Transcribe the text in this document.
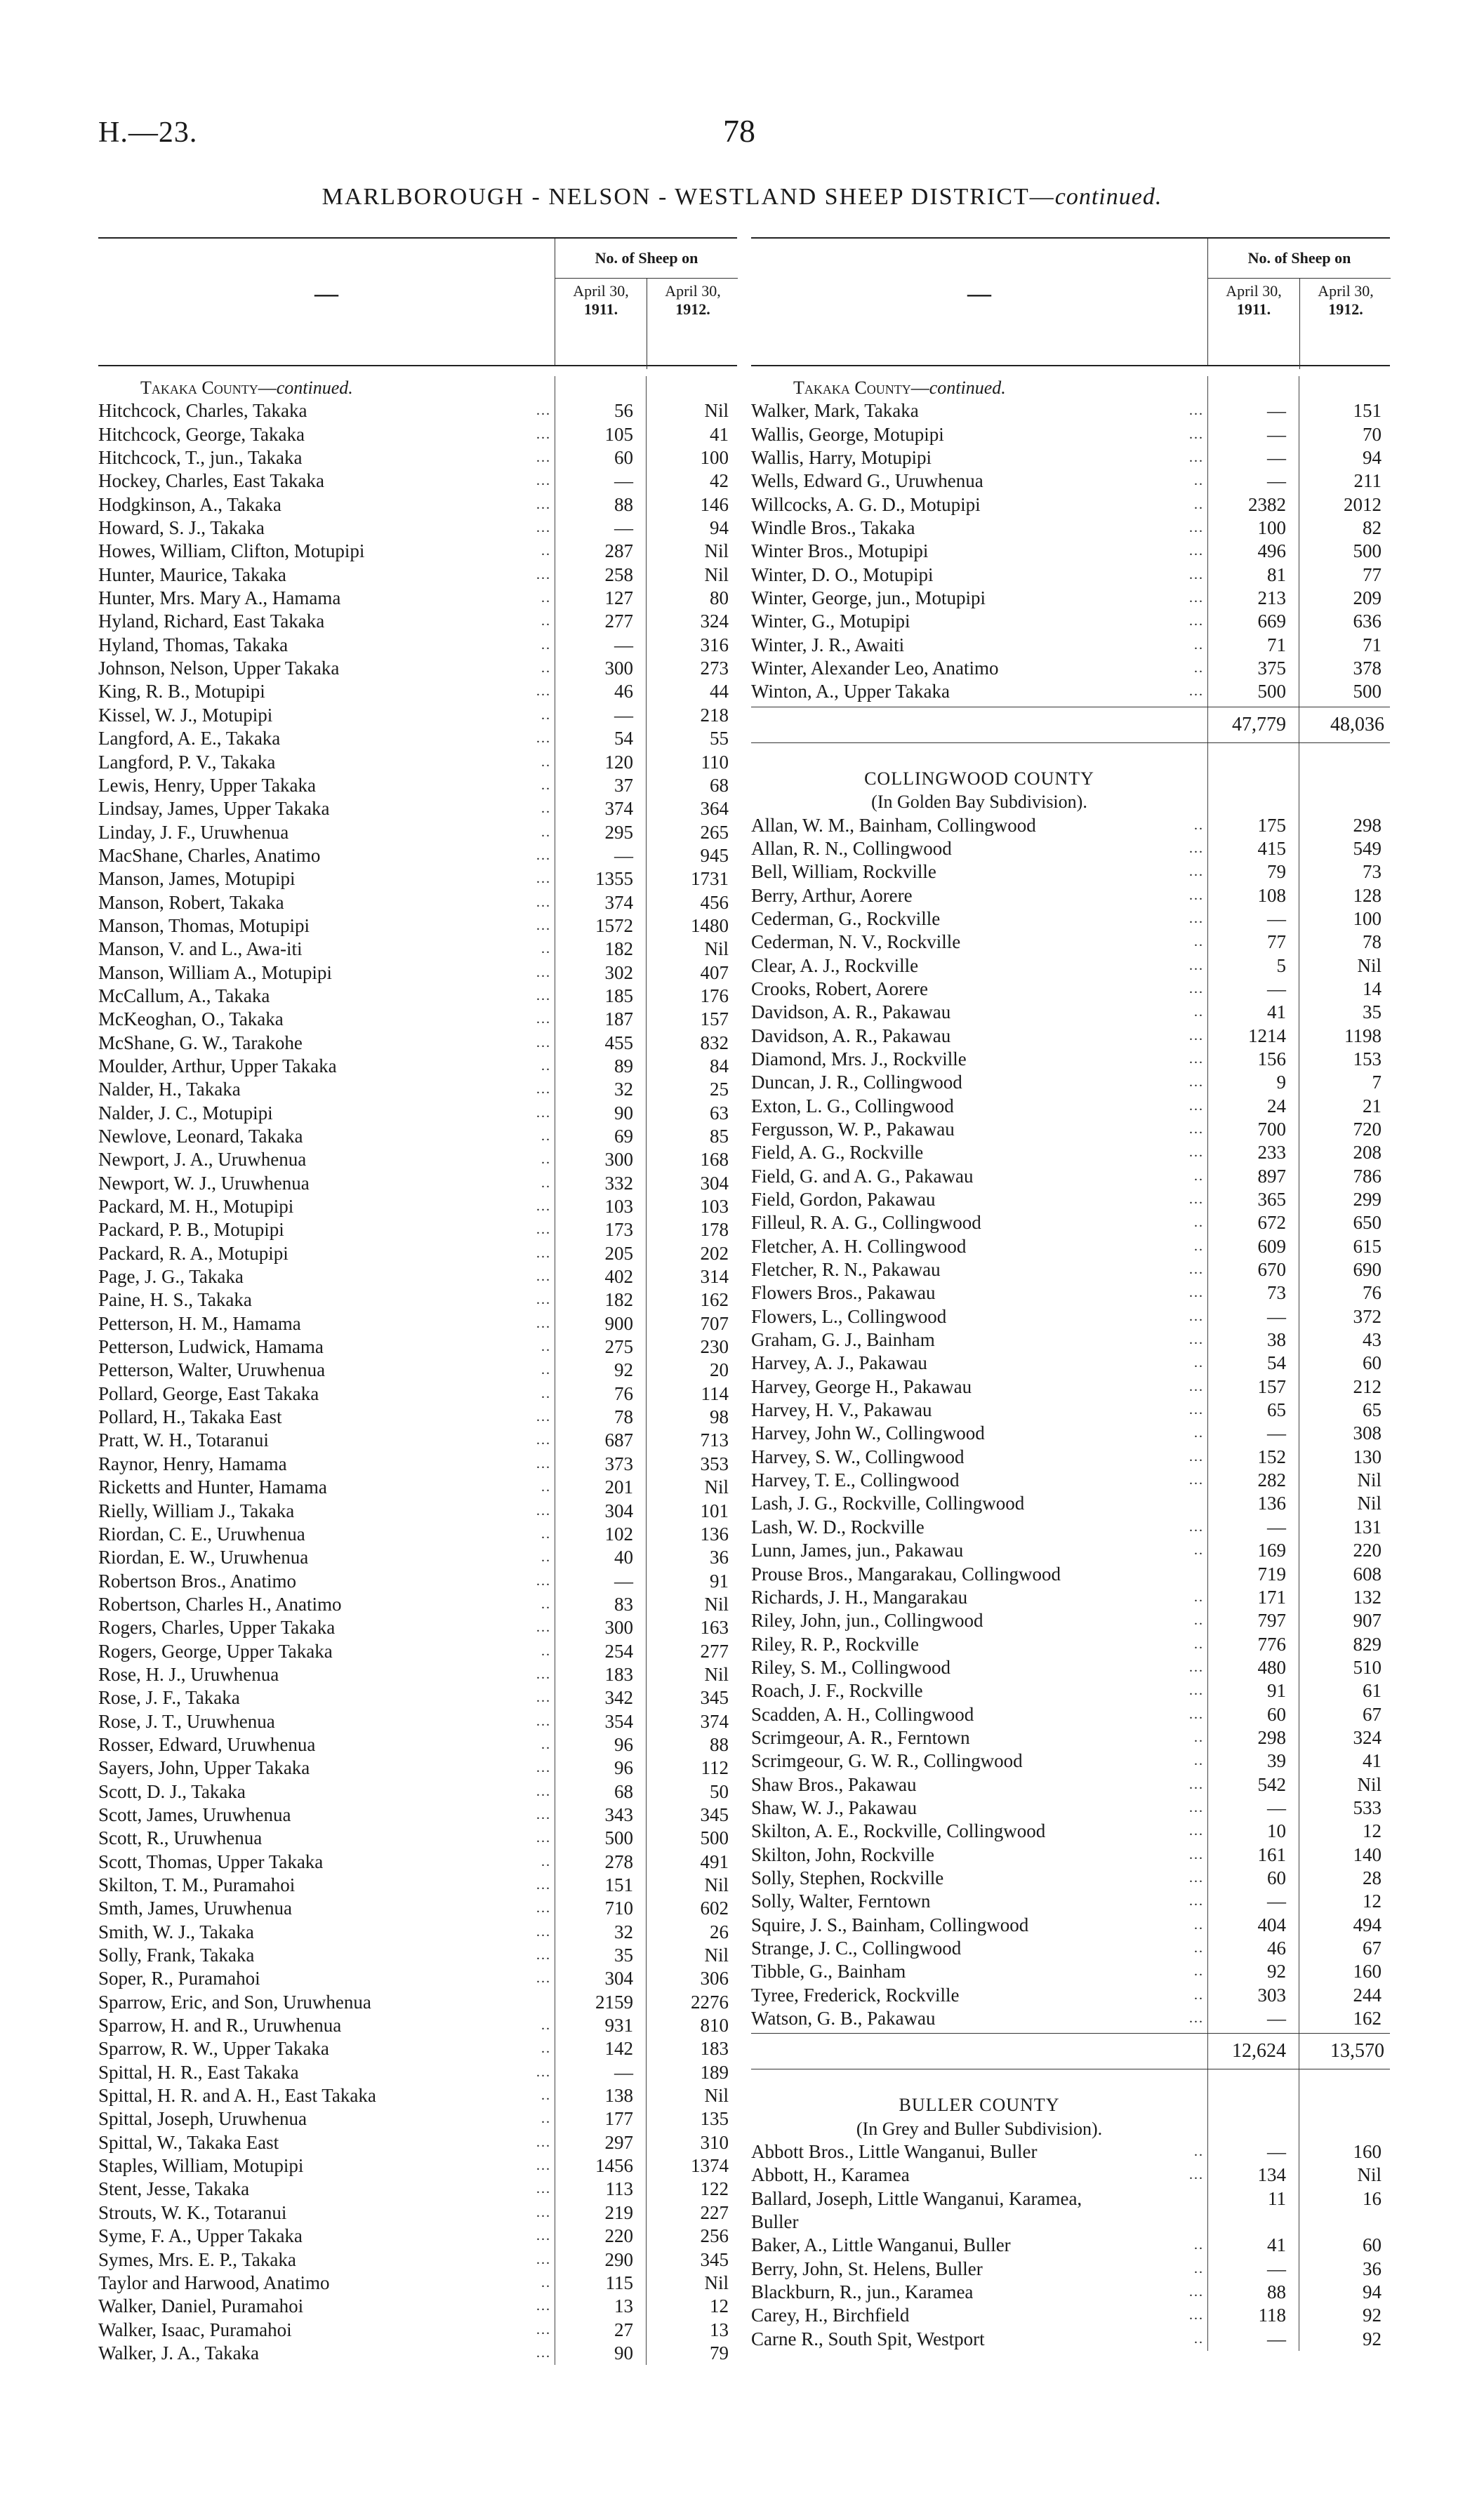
H.—23.	78
MARLBOROUGH - NELSON - WESTLAND SHEEP DISTRICT—continued.
—
No. of Sheep on
April 30,
1911.
April 30,
1912.
Takaka County—continued.
Hitchcock, Charles, Takaka	...	56	Nil
Hitchcock, George, Takaka	...	105	41
Hitchcock, T., jun., Takaka	...	60	100
Hockey, Charles, East Takaka	...	—	42
Hodgkinson, A., Takaka	...	88	146
Howard, S. J., Takaka	...	—	94
Howes, William, Clifton, Motupipi	..	287	Nil
Hunter, Maurice, Takaka	...	258	Nil
Hunter, Mrs. Mary A., Hamama	..	127	80
Hyland, Richard, East Takaka	..	277	324
Hyland, Thomas, Takaka	..	—	316
Johnson, Nelson, Upper Takaka	..	300	273
King, R. B., Motupipi	...	46	44
Kissel, W. J., Motupipi	..	—	218
Langford, A. E., Takaka	...	54	55
Langford, P. V., Takaka	..	120	110
Lewis, Henry, Upper Takaka	..	37	68
Lindsay, James, Upper Takaka	..	374	364
Linday, J. F., Uruwhenua	..	295	265
MacShane, Charles, Anatimo	...	—	945
Manson, James, Motupipi	...	1355	1731
Manson, Robert, Takaka	...	374	456
Manson, Thomas, Motupipi	...	1572	1480
Manson, V. and L., Awa-iti	..	182	Nil
Manson, William A., Motupipi	...	302	407
McCallum, A., Takaka	...	185	176
McKeoghan, O., Takaka	...	187	157
McShane, G. W., Tarakohe	...	455	832
Moulder, Arthur, Upper Takaka	..	89	84
Nalder, H., Takaka	...	32	25
Nalder, J. C., Motupipi	...	90	63
Newlove, Leonard, Takaka	..	69	85
Newport, J. A., Uruwhenua	..	300	168
Newport, W. J., Uruwhenua	..	332	304
Packard, M. H., Motupipi	...	103	103
Packard, P. B., Motupipi	...	173	178
Packard, R. A., Motupipi	...	205	202
Page, J. G., Takaka	...	402	314
Paine, H. S., Takaka	...	182	162
Petterson, H. M., Hamama	...	900	707
Petterson, Ludwick, Hamama	..	275	230
Petterson, Walter, Uruwhenua	..	92	20
Pollard, George, East Takaka	..	76	114
Pollard, H., Takaka East	...	78	98
Pratt, W. H., Totaranui	...	687	713
Raynor, Henry, Hamama	...	373	353
Ricketts and Hunter, Hamama	..	201	Nil
Rielly, William J., Takaka	...	304	101
Riordan, C. E., Uruwhenua	..	102	136
Riordan, E. W., Uruwhenua	..	40	36
Robertson Bros., Anatimo	...	—	91
Robertson, Charles H., Anatimo	..	83	Nil
Rogers, Charles, Upper Takaka	...	300	163
Rogers, George, Upper Takaka	..	254	277
Rose, H. J., Uruwhenua	...	183	Nil
Rose, J. F., Takaka	...	342	345
Rose, J. T., Uruwhenua	...	354	374
Rosser, Edward, Uruwhenua	..	96	88
Sayers, John, Upper Takaka	...	96	112
Scott, D. J., Takaka	...	68	50
Scott, James, Uruwhenua	...	343	345
Scott, R., Uruwhenua	...	500	500
Scott, Thomas, Upper Takaka	..	278	491
Skilton, T. M., Puramahoi	...	151	Nil
Smth, James, Uruwhenua	...	710	602
Smith, W. J., Takaka	...	32	26
Solly, Frank, Takaka	...	35	Nil
Soper, R., Puramahoi	...	304	306
Sparrow, Eric, and Son, Uruwhenua	2159	2276
Sparrow, H. and R., Uruwhenua	..	931	810
Sparrow, R. W., Upper Takaka	..	142	183
Spittal, H. R., East Takaka	...	—	189
Spittal, H. R. and A. H., East Takaka	..	138	Nil
Spittal, Joseph, Uruwhenua	..	177	135
Spittal, W., Takaka East	...	297	310
Staples, William, Motupipi	...	1456	1374
Stent, Jesse, Takaka	...	113	122
Strouts, W. K., Totaranui	...	219	227
Syme, F. A., Upper Takaka	...	220	256
Symes, Mrs. E. P., Takaka	...	290	345
Taylor and Harwood, Anatimo	..	115	Nil
Walker, Daniel, Puramahoi	...	13	12
Walker, Isaac, Puramahoi	...	27	13
Walker, J. A., Takaka	...	90	79
—
No. of Sheep on
April 30,
1911.
April 30,
1912.
Takaka County—continued.
Walker, Mark, Takaka	...	—	151
Wallis, George, Motupipi	...	—	70
Wallis, Harry, Motupipi	...	—	94
Wells, Edward G., Uruwhenua	..	—	211
Willcocks, A. G. D., Motupipi	..	2382	2012
Windle Bros., Takaka	...	100	82
Winter Bros., Motupipi	...	496	500
Winter, D. O., Motupipi	...	81	77
Winter, George, jun., Motupipi	...	213	209
Winter, G., Motupipi	...	669	636
Winter, J. R., Awaiti	..	71	71
Winter, Alexander Leo, Anatimo	..	375	378
Winton, A., Upper Takaka	...	500	500
47,779	48,036
COLLINGWOOD COUNTY
(In Golden Bay Subdivision).
Allan, W. M., Bainham, Collingwood	..	175	298
Allan, R. N., Collingwood	...	415	549
Bell, William, Rockville	...	79	73
Berry, Arthur, Aorere	...	108	128
Cederman, G., Rockville	...	—	100
Cederman, N. V., Rockville	..	77	78
Clear, A. J., Rockville	...	5	Nil
Crooks, Robert, Aorere	...	—	14
Davidson, A. R., Pakawau	..	41	35
Davidson, A. R., Pakawau	...	1214	1198
Diamond, Mrs. J., Rockville	...	156	153
Duncan, J. R., Collingwood	...	9	7
Exton, L. G., Collingwood	...	24	21
Fergusson, W. P., Pakawau	...	700	720
Field, A. G., Rockville	...	233	208
Field, G. and A. G., Pakawau	..	897	786
Field, Gordon, Pakawau	...	365	299
Filleul, R. A. G., Collingwood	..	672	650
Fletcher, A. H. Collingwood	..	609	615
Fletcher, R. N., Pakawau	...	670	690
Flowers Bros., Pakawau	...	73	76
Flowers, L., Collingwood	...	—	372
Graham, G. J., Bainham	...	38	43
Harvey, A. J., Pakawau	..	54	60
Harvey, George H., Pakawau	...	157	212
Harvey, H. V., Pakawau	...	65	65
Harvey, John W., Collingwood	..	—	308
Harvey, S. W., Collingwood	...	152	130
Harvey, T. E., Collingwood	...	282	Nil
Lash, J. G., Rockville, Collingwood	136	Nil
Lash, W. D., Rockville	...	—	131
Lunn, James, jun., Pakawau	..	169	220
Prouse Bros., Mangarakau, Collingwood	719	608
Richards, J. H., Mangarakau	..	171	132
Riley, John, jun., Collingwood	..	797	907
Riley, R. P., Rockville	..	776	829
Riley, S. M., Collingwood	...	480	510
Roach, J. F., Rockville	...	91	61
Scadden, A. H., Collingwood	...	60	67
Scrimgeour, A. R., Ferntown	..	298	324
Scrimgeour, G. W. R., Collingwood	..	39	41
Shaw Bros., Pakawau	...	542	Nil
Shaw, W. J., Pakawau	...	—	533
Skilton, A. E., Rockville, Collingwood	...	10	12
Skilton, John, Rockville	...	161	140
Solly, Stephen, Rockville	...	60	28
Solly, Walter, Ferntown	...	—	12
Squire, J. S., Bainham, Collingwood	..	404	494
Strange, J. C., Collingwood	..	46	67
Tibble, G., Bainham	..	92	160
Tyree, Frederick, Rockville	..	303	244
Watson, G. B., Pakawau	...	—	162
12,624	13,570
BULLER COUNTY
(In Grey and Buller Subdivision).
Abbott Bros., Little Wanganui, Buller	..	—	160
Abbott, H., Karamea	...	134	Nil
Ballard, Joseph, Little Wanganui, Karamea,	11	16
Buller
Baker, A., Little Wanganui, Buller	..	41	60
Berry, John, St. Helens, Buller	..	—	36
Blackburn, R., jun., Karamea	...	88	94
Carey, H., Birchfield	...	118	92
Carne R., South Spit, Westport	..	—	92
